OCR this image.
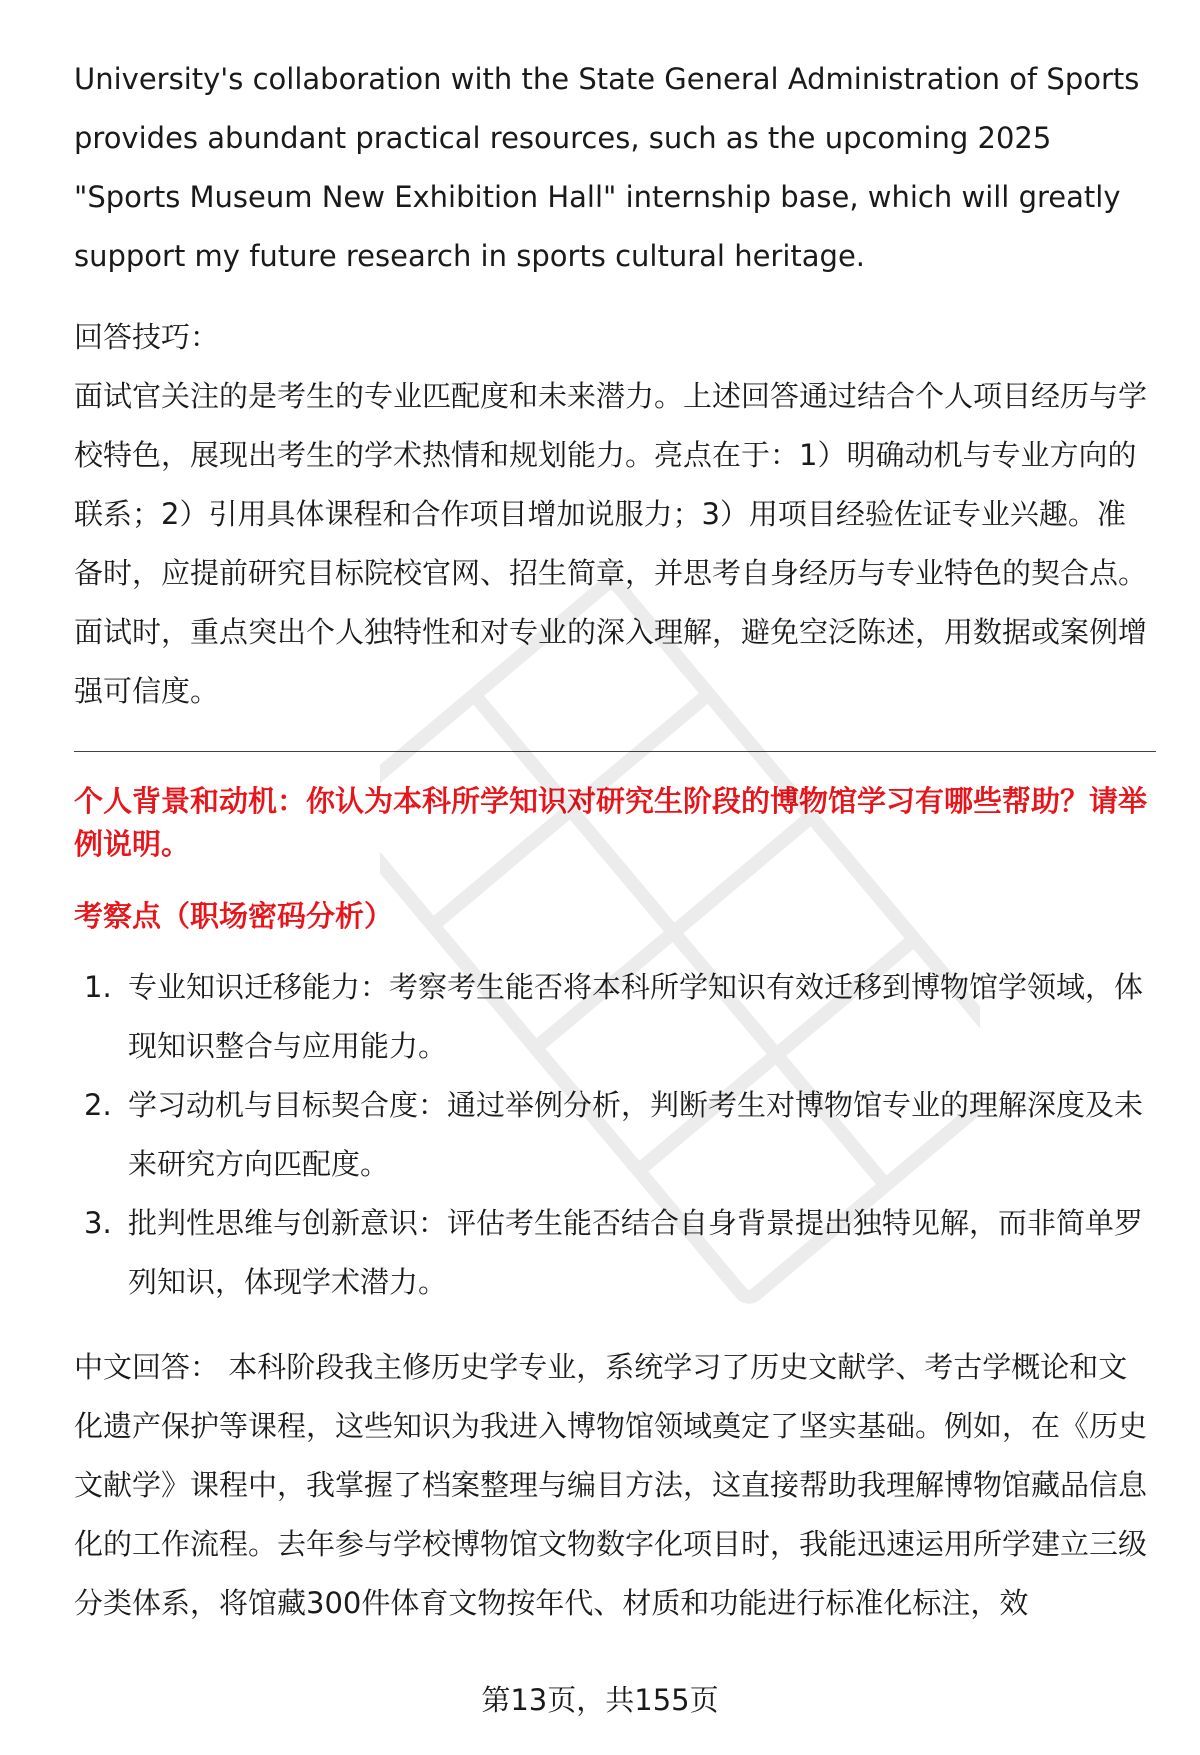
University's collaboration with the State General Administration of Sports provides abundant practical resources, such as the upcoming 2025 "Sports Museum New Exhibition Hall" internship base, which will greatly support my future research in sports cultural heritage.

回答技巧：

面试官关注的是考生的专业匹配度和未来潜力。上述回答通过结合个人项目经历与学校特色，展现出考生的学术热情和规划能力。亮点在于：1）明确动机与专业方向的联系；2）引用具体课程和合作项目增加说服力；3）用项目经验佐证专业兴趣。准备时，应提前研究目标院校官网、招生简章，并思考自身经历与专业特色的契合点。面试时，重点突出个人独特性和对专业的深入理解，避免空泛陈述，用数据或案例增强可信度。

个人背景和动机：你认为本科所学知识对研究生阶段的博物馆学习有哪些帮助？请举例说明。

考察点（职场密码分析）

1. 专业知识迁移能力：考察考生能否将本科所学知识有效迁移到博物馆学领域，体现知识整合与应用能力。
2. 学习动机与目标契合度：通过举例分析，判断考生对博物馆专业的理解深度及未来研究方向匹配度。
3. 批判性思维与创新意识：评估考生能否结合自身背景提出独特见解，而非简单罗列知识，体现学术潜力。

中文回答： 本科阶段我主修历史学专业，系统学习了历史文献学、考古学概论和文化遗产保护等课程，这些知识为我进入博物馆领域奠定了坚实基础。例如，在《历史文献学》课程中，我掌握了档案整理与编目方法，这直接帮助我理解博物馆藏品信息化的工作流程。去年参与学校博物馆文物数字化项目时，我能迅速运用所学建立三级分类体系，将馆藏300件体育文物按年代、材质和功能进行标准化标注，效

第13页，共155页
